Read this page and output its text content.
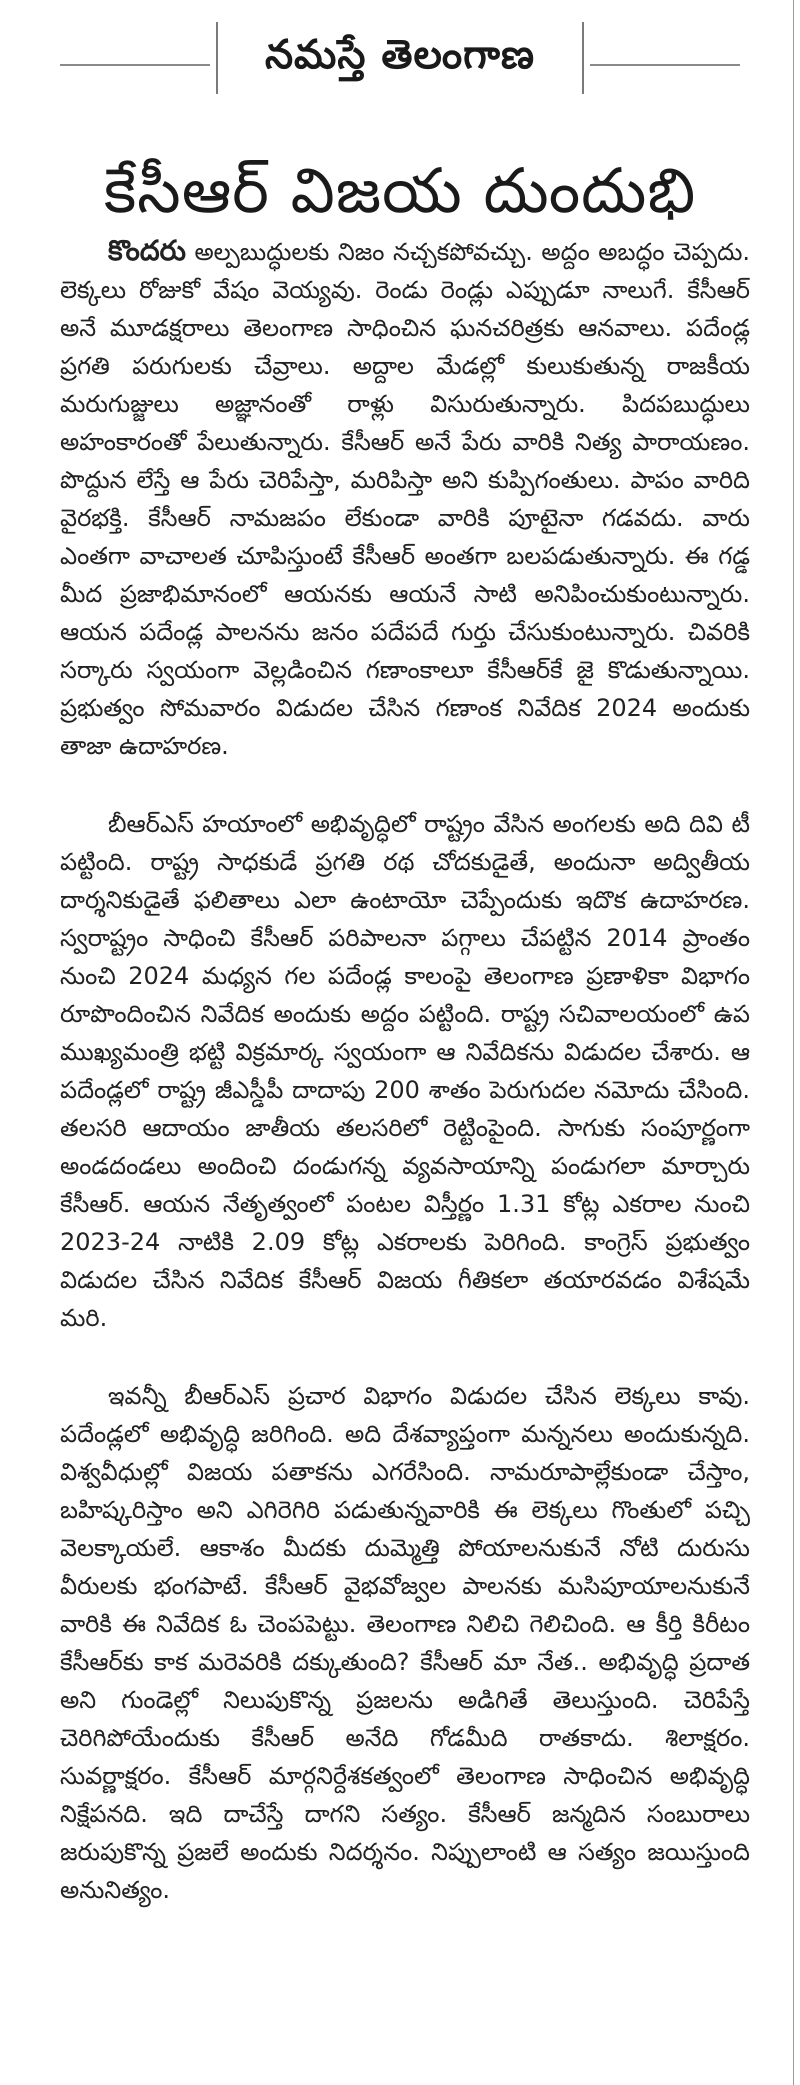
నమస్తే తెలంగాణ
కేసీఆర్ విజయ దుందుభి

కొందరు అల్పబుద్ధులకు నిజం నచ్చకపోవచ్చు. అద్దం అబద్ధం చెప్పదు. లెక్కలు రోజుకో వేషం వెయ్యవు. రెండు రెండ్లు ఎప్పుడూ నాలుగే. కేసీఆర్ అనే మూడక్షరాలు తెలంగాణ సాధించిన ఘనచరిత్రకు ఆనవాలు. పదేండ్ల ప్రగతి పరుగులకు చేవ్రాలు. అద్దాల మేడల్లో కులుకుతున్న రాజకీయ మరుగుజ్జులు అజ్ఞానంతో రాళ్లు విసురుతున్నారు. పిదపబుద్ధులు అహంకారంతో పేలుతున్నారు. కేసీఆర్ అనే పేరు వారికి నిత్య పారాయణం. పొద్దున లేస్తే ఆ పేరు చెరిపేస్తా, మరిపిస్తా అని కుప్పిగంతులు. పాపం వారిది వైరభక్తి. కేసీఆర్ నామజపం లేకుండా వారికి పూటైనా గడవదు. వారు ఎంతగా వాచాలత చూపిస్తుంటే కేసీఆర్ అంతగా బలపడుతున్నారు. ఈ గడ్డ మీద ప్రజాభిమానంలో ఆయనకు ఆయనే సాటి అనిపించుకుంటున్నారు. ఆయన పదేండ్ల పాలనను జనం పదేపదే గుర్తు చేసుకుంటున్నారు. చివరికి సర్కారు స్వయంగా వెల్లడించిన గణాంకాలూ కేసీఆర్‌కే జై కొడుతున్నాయి. ప్రభుత్వం సోమవారం విడుదల చేసిన గణాంక నివేదిక 2024 అందుకు తాజా ఉదాహరణ.

బీఆర్ఎస్ హయాంలో అభివృద్ధిలో రాష్ట్రం వేసిన అంగలకు అది దివి టీ పట్టింది. రాష్ట్ర సాధకుడే ప్రగతి రథ చోదకుడైతే, అందునా అద్వితీయ దార్శనికుడైతే ఫలితాలు ఎలా ఉంటాయో చెప్పేందుకు ఇదొక ఉదాహరణ. స్వరాష్ట్రం సాధించి కేసీఆర్ పరిపాలనా పగ్గాలు చేపట్టిన 2014 ప్రాంతం నుంచి 2024 మధ్యన గల పదేండ్ల కాలంపై తెలంగాణ ప్రణాళికా విభాగం రూపొందించిన నివేదిక అందుకు అద్దం పట్టింది. రాష్ట్ర సచివాలయంలో ఉప ముఖ్యమంత్రి భట్టి విక్రమార్క స్వయంగా ఆ నివేదికను విడుదల చేశారు. ఆ పదేండ్లలో రాష్ట్ర జీఎస్డీపీ దాదాపు 200 శాతం పెరుగుదల నమోదు చేసింది. తలసరి ఆదాయం జాతీయ తలసరిలో రెట్టింపైంది. సాగుకు సంపూర్ణంగా అండదండలు అందించి దండుగన్న వ్యవసాయాన్ని పండుగలా మార్చారు కేసీఆర్. ఆయన నేతృత్వంలో పంటల విస్తీర్ణం 1.31 కోట్ల ఎకరాల నుంచి 2023-24 నాటికి 2.09 కోట్ల ఎకరాలకు పెరిగింది. కాంగ్రెస్ ప్రభుత్వం విడుదల చేసిన నివేదిక కేసీఆర్ విజయ గీతికలా తయారవడం విశేషమే మరి.

ఇవన్నీ బీఆర్ఎస్ ప్రచార విభాగం విడుదల చేసిన లెక్కలు కావు. పదేండ్లలో అభివృద్ధి జరిగింది. అది దేశవ్యాప్తంగా మన్ననలు అందుకున్నది. విశ్వవీధుల్లో విజయ పతాకను ఎగరేసింది. నామరూపాల్లేకుండా చేస్తాం, బహిష్కరిస్తాం అని ఎగిరెగిరి పడుతున్నవారికి ఈ లెక్కలు గొంతులో పచ్చి వెలక్కాయలే. ఆకాశం మీదకు దుమ్మెత్తి పోయాలనుకునే నోటి దురుసు వీరులకు భంగపాటే. కేసీఆర్ వైభవోజ్వల పాలనకు మసిపూయాలనుకునే వారికి ఈ నివేదిక ఓ చెంపపెట్టు. తెలంగాణ నిలిచి గెలిచింది. ఆ కీర్తి కిరీటం కేసీఆర్‌కు కాక మరెవరికి దక్కుతుంది? కేసీఆర్ మా నేత.. అభివృద్ధి ప్రదాత అని గుండెల్లో నిలుపుకొన్న ప్రజలను అడిగితే తెలుస్తుంది. చెరిపేస్తే చెరిగిపోయేందుకు కేసీఆర్ అనేది గోడమీది రాతకాదు. శిలాక్షరం. సువర్ణాక్షరం. కేసీఆర్ మార్గనిర్దేశకత్వంలో తెలంగాణ సాధించిన అభివృద్ధి నిక్షేపనది. ఇది దాచేస్తే దాగని సత్యం. కేసీఆర్ జన్మదిన సంబురాలు జరుపుకొన్న ప్రజలే అందుకు నిదర్శనం. నిప్పులాంటి ఆ సత్యం జయిస్తుంది అనునిత్యం.
